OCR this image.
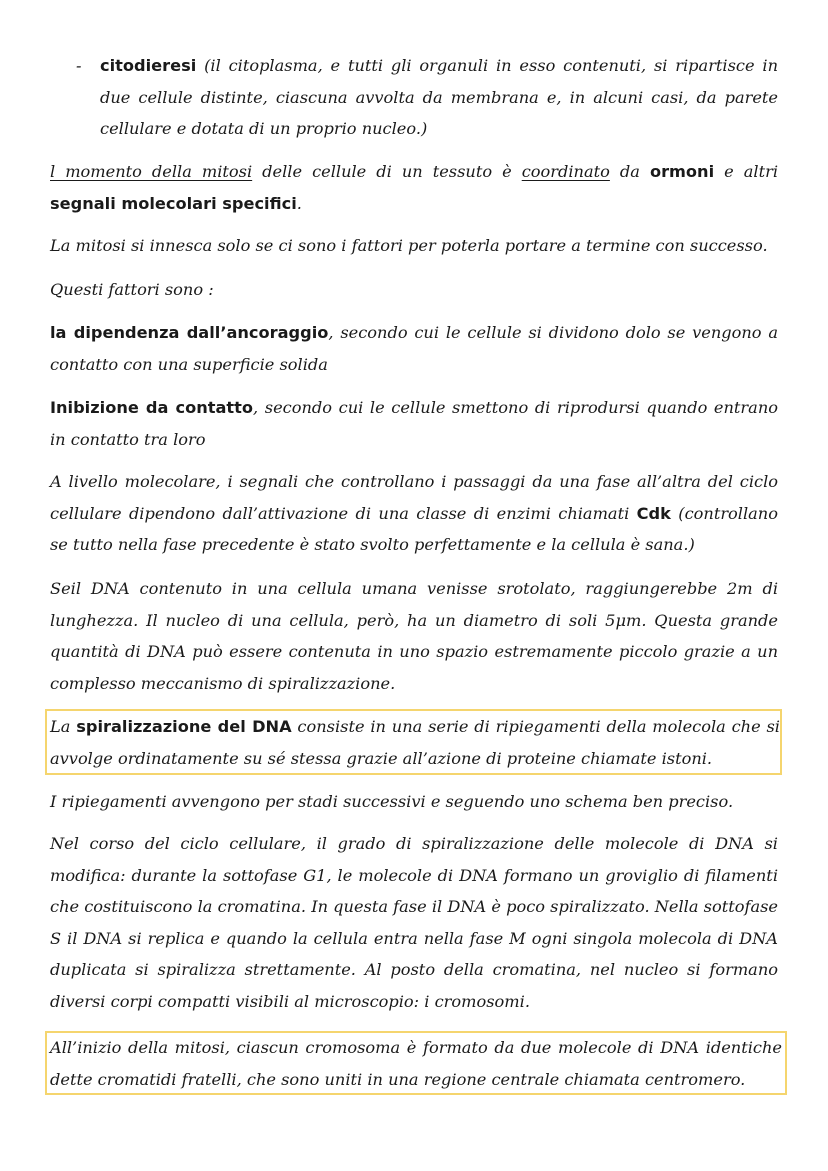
- citodieresi (il citoplasma, e tutti gli organuli in esso contenuti, si ripartisce in due cellule distinte, ciascuna avvolta da membrana e, in alcuni casi, da parete cellulare e dotata di un proprio nucleo.)

l momento della mitosi delle cellule di un tessuto è coordinato da ormoni e altri segnali molecolari specifici.

La mitosi si innesca solo se ci sono i fattori per poterla portare a termine con successo.

Questi fattori sono :

la dipendenza dall’ancoraggio, secondo cui le cellule si dividono dolo se vengono a contatto con una superficie solida

Inibizione da contatto, secondo cui le cellule smettono di riprodursi quando entrano in contatto tra loro

A livello molecolare, i segnali che controllano i passaggi da una fase all’altra del ciclo cellulare dipendono dall’attivazione di una classe di enzimi chiamati Cdk (controllano se tutto nella fase precedente è stato svolto perfettamente e la cellula è sana.)

Seil DNA contenuto in una cellula umana venisse srotolato, raggiungerebbe 2m di lunghezza. Il nucleo di una cellula, però, ha un diametro di soli 5μm. Questa grande quantità di DNA può essere contenuta in uno spazio estremamente piccolo grazie a un complesso meccanismo di spiralizzazione.

La spiralizzazione del DNA consiste in una serie di ripiegamenti della molecola che si avvolge ordinatamente su sé stessa grazie all’azione di proteine chiamate istoni.

I ripiegamenti avvengono per stadi successivi e seguendo uno schema ben preciso.

Nel corso del ciclo cellulare, il grado di spiralizzazione delle molecole di DNA si modifica: durante la sottofase G1, le molecole di DNA formano un groviglio di filamenti che costituiscono la cromatina. In questa fase il DNA è poco spiralizzato. Nella sottofase S il DNA si replica e quando la cellula entra nella fase M ogni singola molecola di DNA duplicata si spiralizza strettamente. Al posto della cromatina, nel nucleo si formano diversi corpi compatti visibili al microscopio: i cromosomi.

All’inizio della mitosi, ciascun cromosoma è formato da due molecole di DNA identiche dette cromatidi fratelli, che sono uniti in una regione centrale chiamata centromero.
